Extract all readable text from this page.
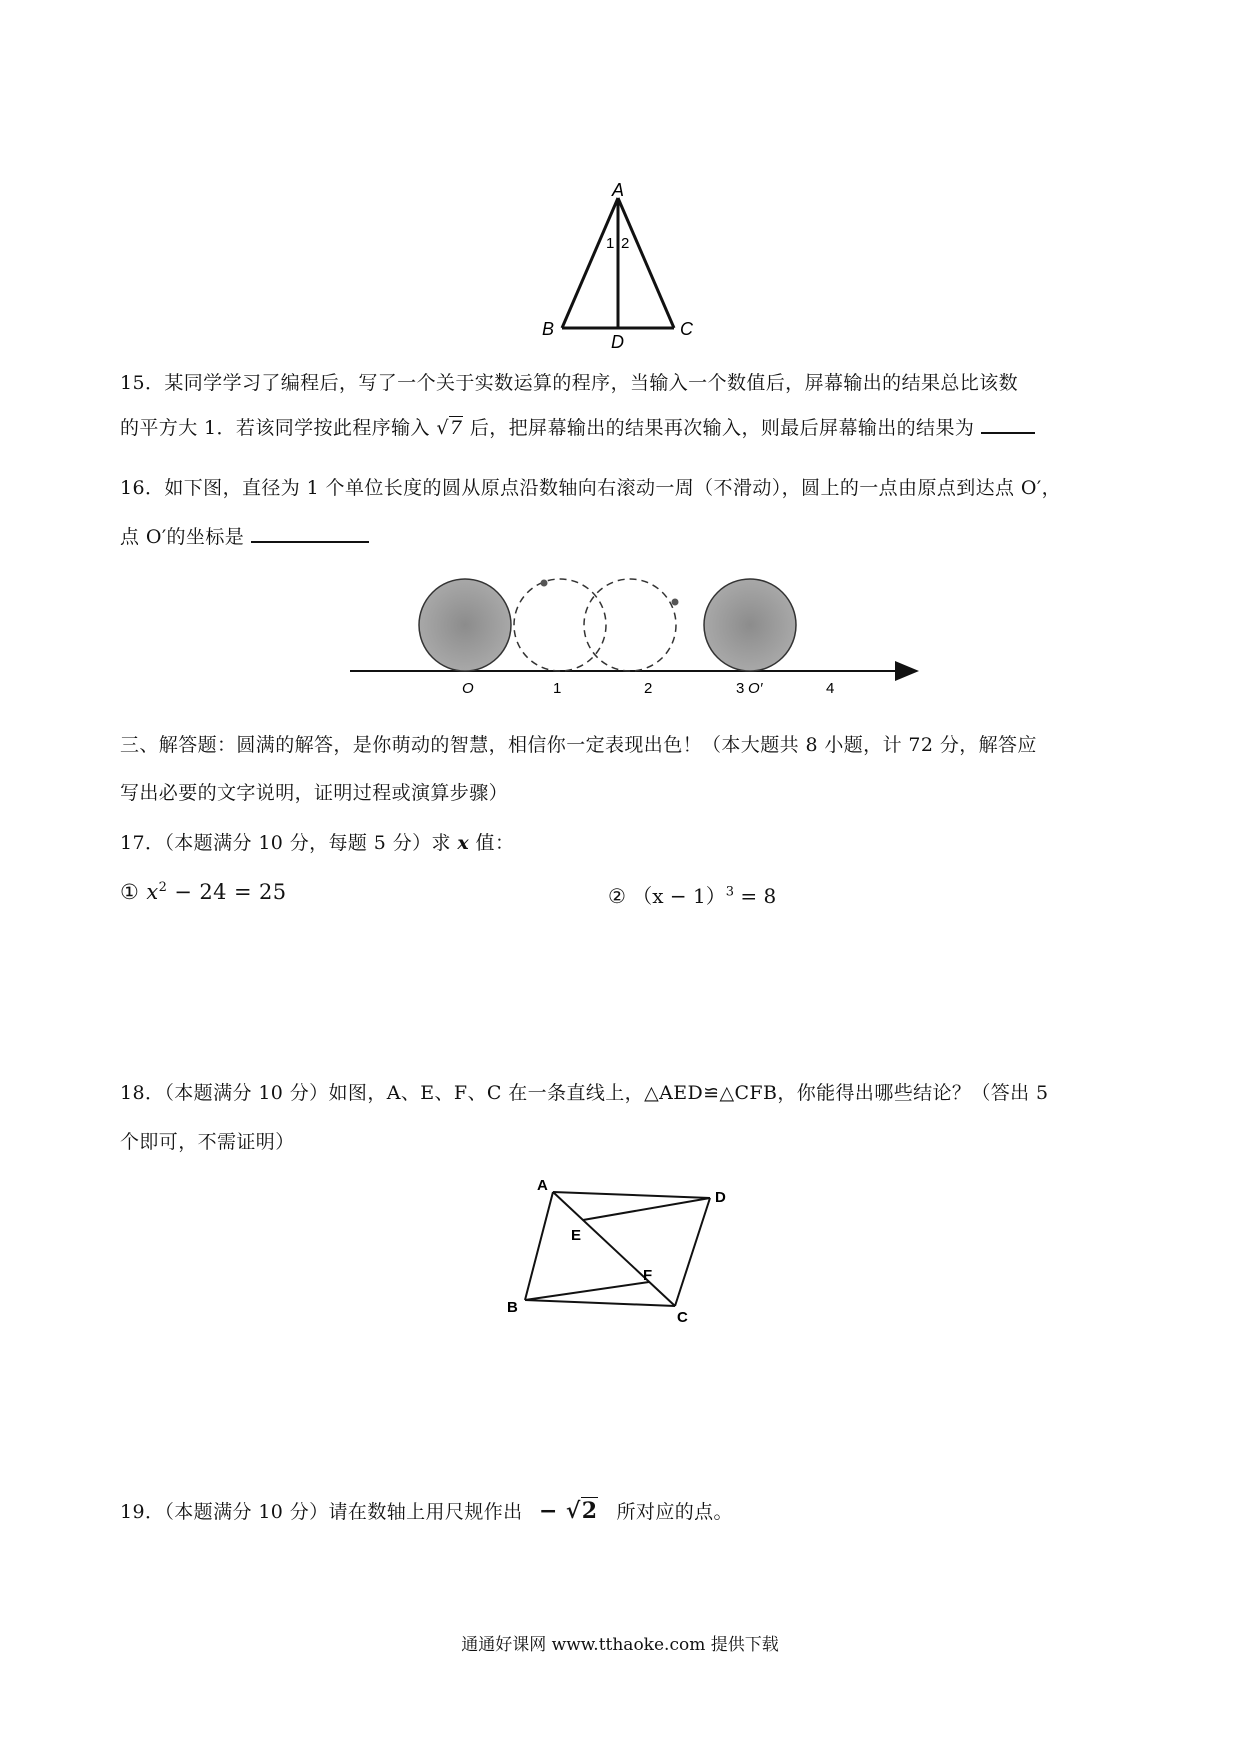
A
B	C
D
1 2
15．某同学学习了编程后，写了一个关于实数运算的程序，当输入一个数值后，屏幕输出的结果总比该数
的平方大 1．若该同学按此程序输入 √7 后，把屏幕输出的结果再次输入，则最后屏幕输出的结果为
16．如下图，直径为 1 个单位长度的圆从原点沿数轴向右滚动一周（不滑动），圆上的一点由原点到达点 O′，
点 O′的坐标是
O	1	2	3 O′	4
三、解答题：圆满的解答，是你萌动的智慧，相信你一定表现出色！（本大题共 8 小题，计 72 分，解答应
写出必要的文字说明，证明过程或演算步骤）
17．（本题满分 10 分，每题 5 分）求 x 值：
① $x^2 - 24 = 25$	② $(x - 1)^3 = 8$
18．（本题满分 10 分）如图，A、E、F、C 在一条直线上，△AED≌△CFB，你能得出哪些结论？（答出 5
个即可，不需证明）
A
D
E
F
B
C
19．（本题满分 10 分）请在数轴上用尺规作出 − √2 所对应的点。
通通好课网 www.tthaoke.com 提供下载
